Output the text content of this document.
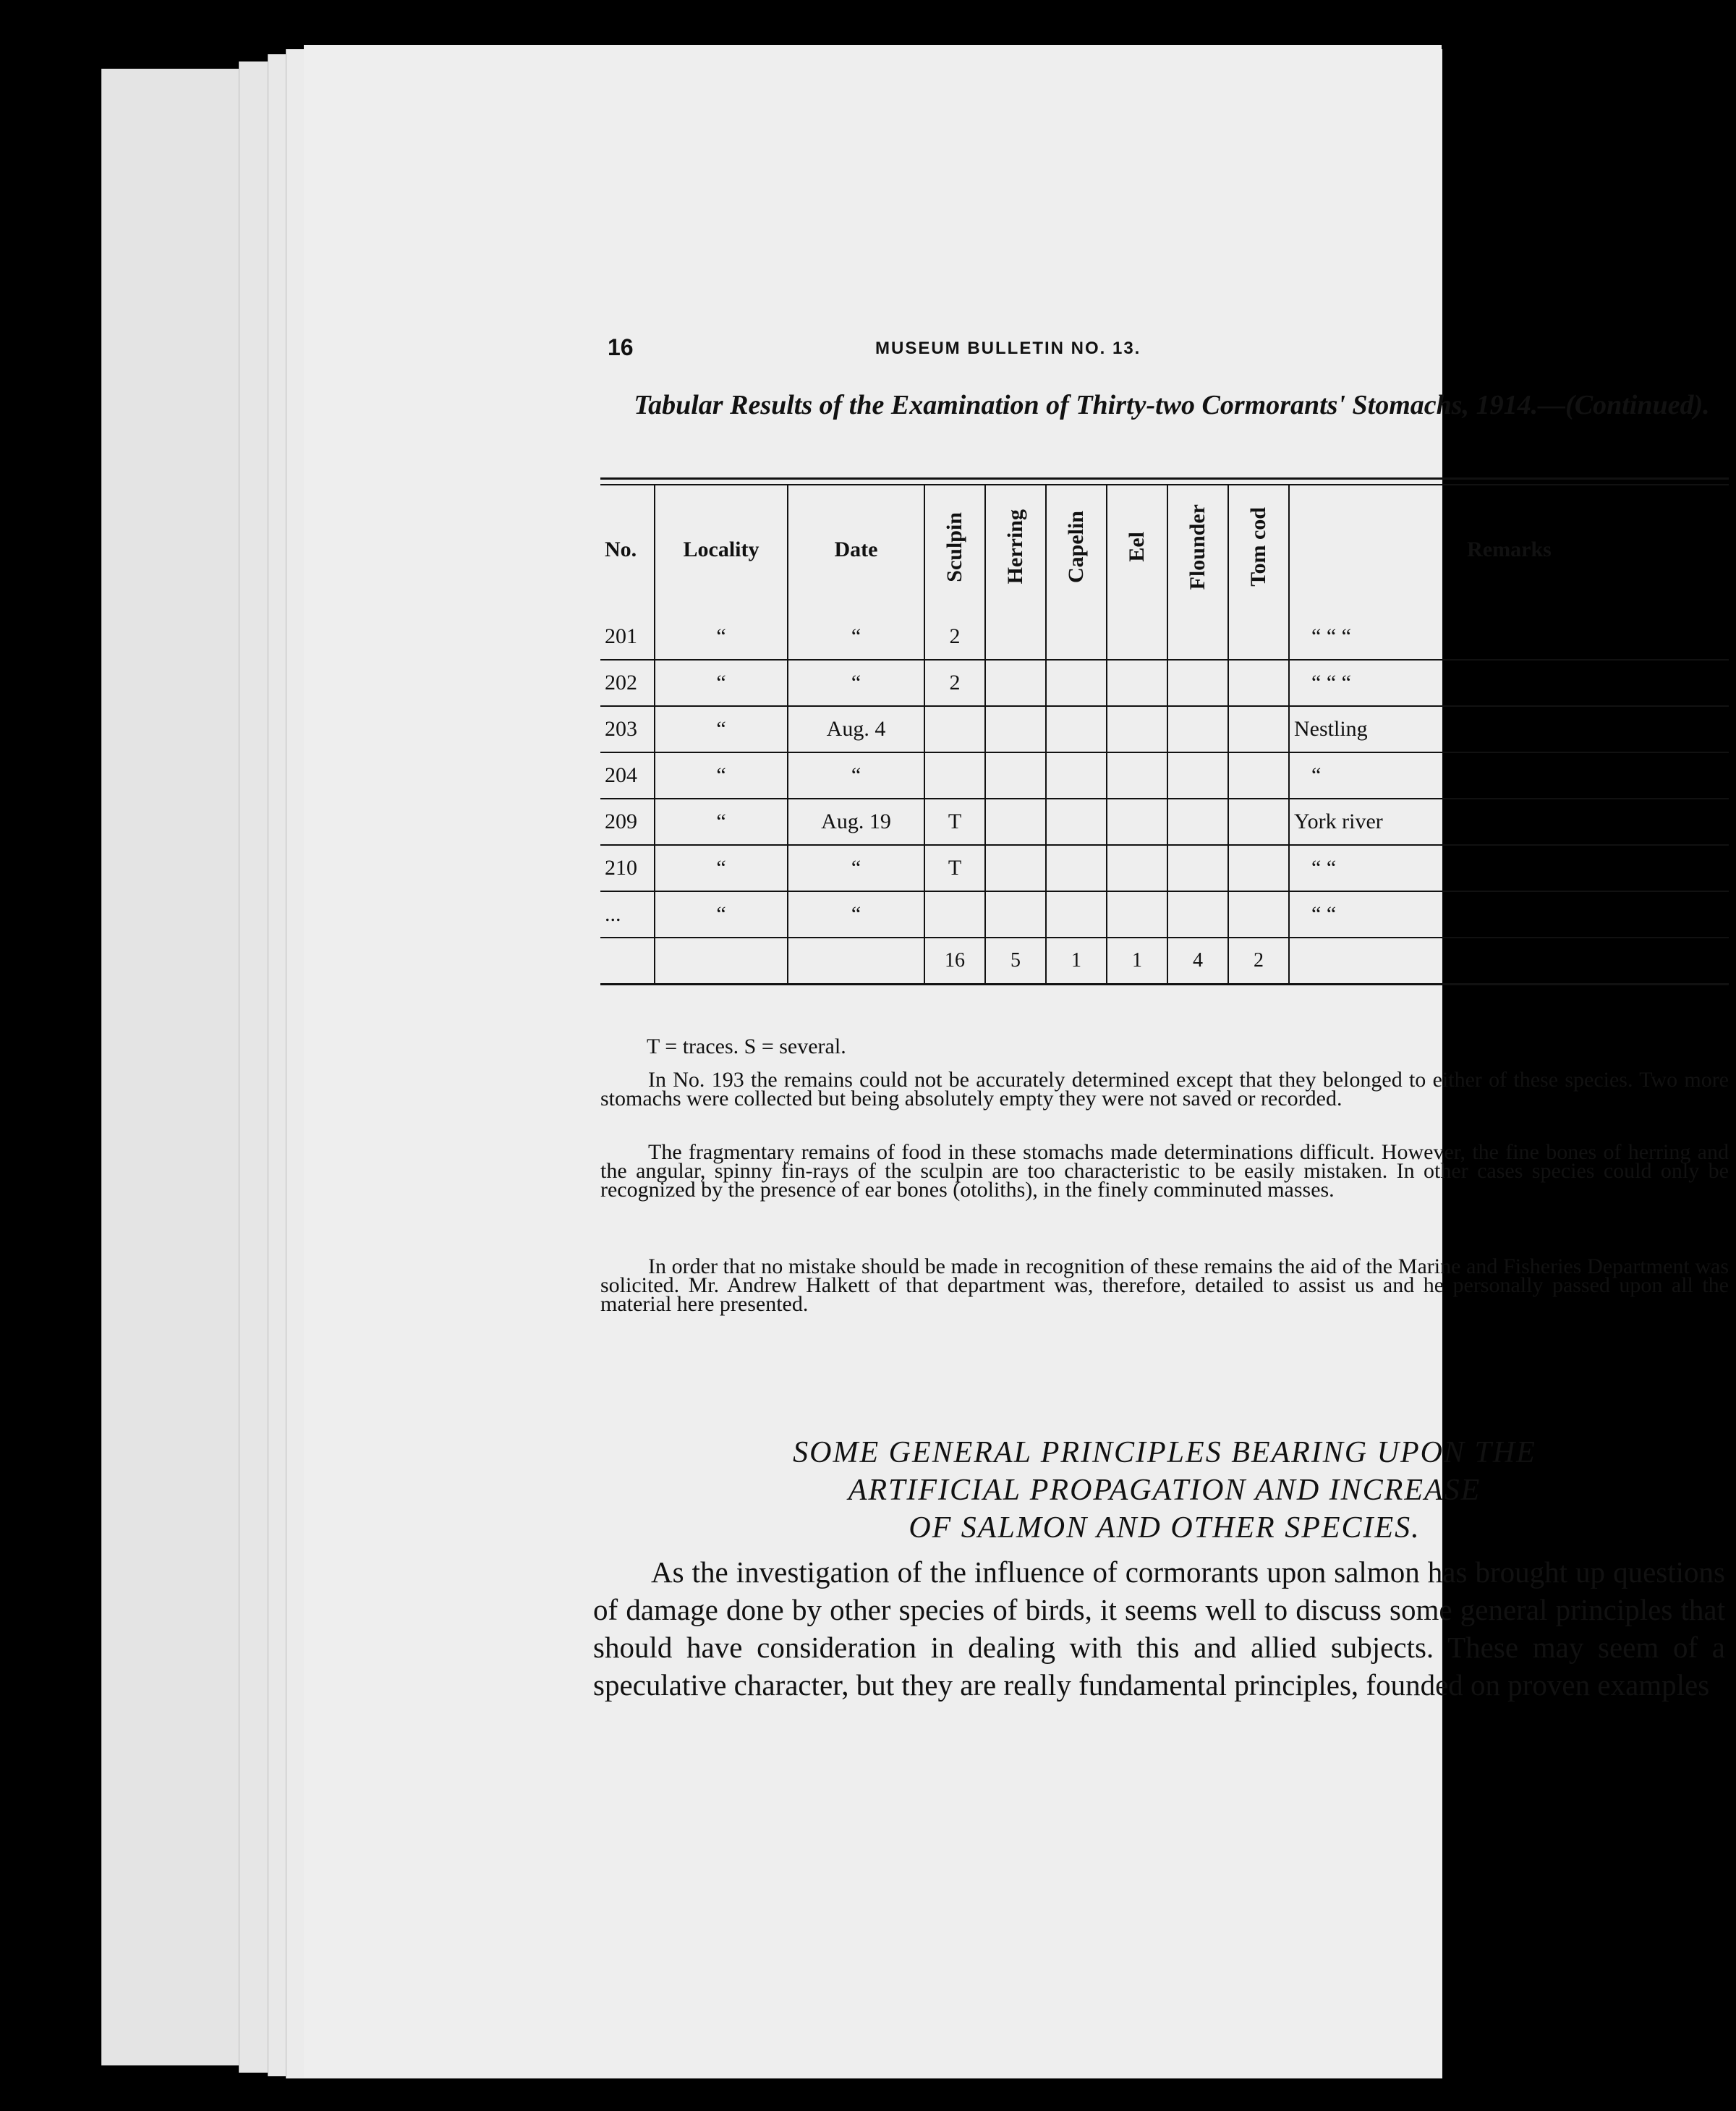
16	MUSEUM BULLETIN NO. 13.
Tabular Results of the Examination of Thirty-two Cormorants' Stomachs, 1914.—(Continued).
No.	Locality	Date	Sculpin	Herring	Capelin	Eel	Flounder	Tom cod	Remarks
201	“	“	2						“ “ “
202	“	“	2						“ “ “
203	“	Aug. 4							Nestling
204	“	“							“
209	“	Aug. 19	T						York river
210	“	“	T						“ “
...	“	“							“ “
			16	5	1	1	4	2	
T = traces. S = several.

In No. 193 the remains could not be accurately determined except that they belonged to either of these species. Two more stomachs were collected but being absolutely empty they were not saved or recorded.

The fragmentary remains of food in these stomachs made determinations difficult. However, the fine bones of herring and the angular, spinny fin-rays of the sculpin are too characteristic to be easily mistaken. In other cases species could only be recognized by the presence of ear bones (otoliths), in the finely comminuted masses.

In order that no mistake should be made in recognition of these remains the aid of the Marine and Fisheries Department was solicited. Mr. Andrew Halkett of that department was, therefore, detailed to assist us and he personally passed upon all the material here presented.

SOME GENERAL PRINCIPLES BEARING UPON THE
ARTIFICIAL PROPAGATION AND INCREASE
OF SALMON AND OTHER SPECIES.

As the investigation of the influence of cormorants upon salmon has brought up questions of damage done by other species of birds, it seems well to discuss some general principles that should have consideration in dealing with this and allied subjects. These may seem of a speculative character, but they are really fundamental principles, founded on proven examples
